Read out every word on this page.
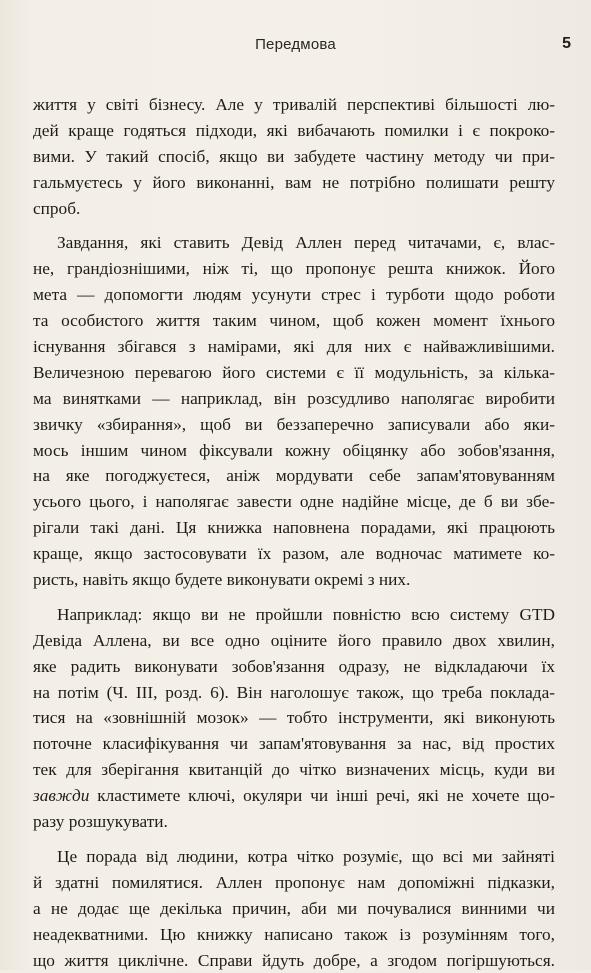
Передмова	5
життя у світі бізнесу. Але у тривалій перспективі більшості лю-
дей краще годяться підходи, які вибачають помилки і є покроко-
вими. У такий спосіб, якщо ви забудете частину методу чи при-
гальмуєтесь у його виконанні, вам не потрібно полишати решту
спроб.
Завдання, які ставить Девід Аллен перед читачами, є, влас-
не, грандіознішими, ніж ті, що пропонує решта книжок. Його
мета — допомогти людям усунути стрес і турботи щодо роботи
та особистого життя таким чином, щоб кожен момент їхнього
існування збігався з намірами, які для них є найважливішими.
Величезною перевагою його системи є її модульність, за кілька-
ма винятками — наприклад, він розсудливо наполягає виробити
звичку «збирання», щоб ви беззаперечно записували або яки-
мось іншим чином фіксували кожну обіцянку або зобов'язання,
на яке погоджуєтеся, аніж мордувати себе запам'ятовуванням
усього цього, і наполягає завести одне надійне місце, де б ви збе-
рігали такі дані. Ця книжка наповнена порадами, які працюють
краще, якщо застосовувати їх разом, але водночас матимете ко-
ристь, навіть якщо будете виконувати окремі з них.
Наприклад: якщо ви не пройшли повністю всю систему GTD
Девіда Аллена, ви все одно оціните його правило двох хвилин,
яке радить виконувати зобов'язання одразу, не відкладаючи їх
на потім (Ч. III, розд. 6). Він наголошує також, що треба поклада-
тися на «зовнішній мозок» — тобто інструменти, які виконують
поточне класифікування чи запам'ятовування за нас, від простих
тек для зберігання квитанцій до чітко визначених місць, куди ви
завжди кластимете ключі, окуляри чи інші речі, які не хочете що-
разу розшукувати.
Це порада від людини, котра чітко розуміє, що всі ми зайняті
й здатні помилятися. Аллен пропонує нам допоміжні підказки,
а не додає ще декілька причин, аби ми почувалися винними чи
неадекватними. Цю книжку написано також із розумінням того,
що життя циклічне. Справи йдуть добре, а згодом погіршуються.
